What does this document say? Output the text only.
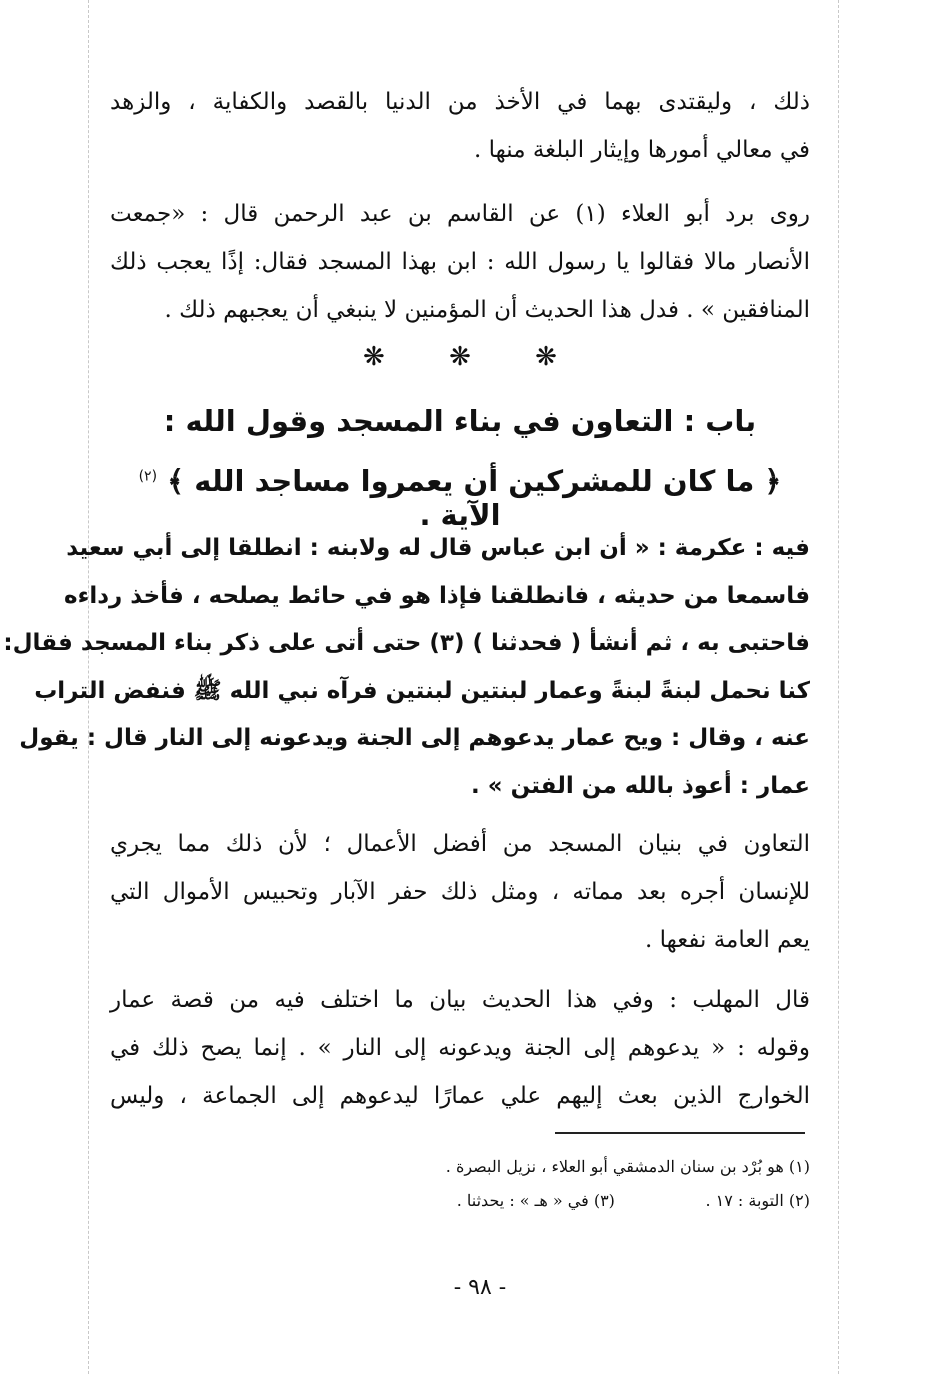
ذلك ، وليقتدى بهما في الأخذ من الدنيا بالقصد والكفاية ، والزهد
في معالي أمورها وإيثار البلغة منها .
روى برد أبو العلاء (١) عن القاسم بن عبد الرحمن قال : «جمعت
الأنصار مالا فقالوا يا رسول الله : ابن بهذا المسجد فقال: إذًا يعجب ذلك
المنافقين » . فدل هذا الحديث أن المؤمنين لا ينبغي أن يعجبهم ذلك .
❋ ❋ ❋
باب : التعاون في بناء المسجد وقول الله :
﴿ ما كان للمشركين أن يعمروا مساجد الله ﴾ $^{(٢)}$ الآية .
فيه : عكرمة : « أن ابن عباس قال له ولابنه : انطلقا إلى أبي سعيد
فاسمعا من حديثه ، فانطلقنا فإذا هو في حائط يصلحه ، فأخذ رداءه
فاحتبى به ، ثم أنشأ ( فحدثنا ) (٣) حتى أتى على ذكر بناء المسجد فقال:
كنا نحمل لبنةً لبنةً وعمار لبنتين لبنتين فرآه نبي الله ﷺ فنفض التراب
عنه ، وقال : ويح عمار يدعوهم إلى الجنة ويدعونه إلى النار قال : يقول
عمار : أعوذ بالله من الفتن » .
التعاون في بنيان المسجد من أفضل الأعمال ؛ لأن ذلك مما يجري
للإنسان أجره بعد مماته ، ومثل ذلك حفر الآبار وتحبيس الأموال التي
يعم العامة نفعها .
قال المهلب : وفي هذا الحديث بيان ما اختلف فيه من قصة عمار
وقوله : « يدعوهم إلى الجنة ويدعونه إلى النار » . إنما يصح ذلك في
الخوارج الذين بعث إليهم علي عمارًا ليدعوهم إلى الجماعة ، وليس
(١) هو بُرْد بن سنان الدمشقي أبو العلاء ، نزيل البصرة .
(٢) التوبة : ١٧ . (٣) في « هـ » : يحدثنا .
- ٩٨ -
